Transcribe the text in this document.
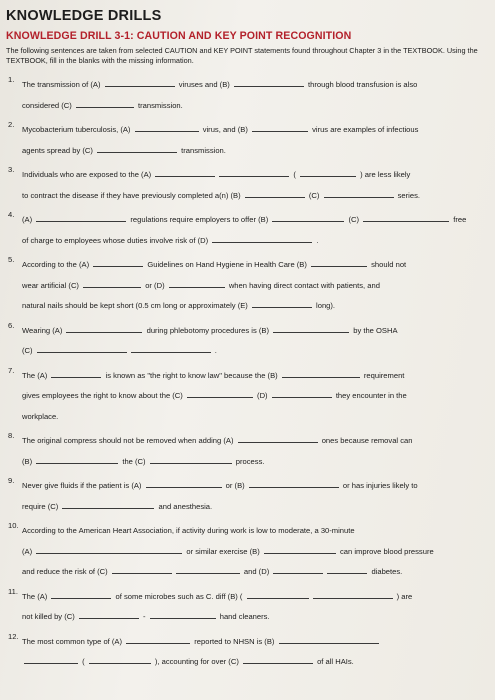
KNOWLEDGE DRILLS
KNOWLEDGE DRILL 3-1: CAUTION AND KEY POINT RECOGNITION
The following sentences are taken from selected CAUTION and KEY POINT statements found throughout Chapter 3 in the TEXTBOOK. Using the TEXTBOOK, fill in the blanks with the missing information.
1.
The transmission of (A)	viruses and (B)	through blood transfusion is also
considered (C)	transmission.
2.
Mycobacterium tuberculosis, (A)	virus, and (B)	virus are examples of infectious
agents spread by (C)	transmission.
3.
Individuals who are exposed to the (A)	(	) are less likely
to contract the disease if they have previously completed a(n) (B)	(C)	series.
4.
(A)	regulations require employers to offer (B)	(C)	free
of charge to employees whose duties involve risk of (D)	.
5.
According to the (A)	Guidelines on Hand Hygiene in Health Care (B)	should not
wear artificial (C)	or (D)	when having direct contact with patients, and
natural nails should be kept short (0.5 cm long or approximately (E)	long).
6.
Wearing (A)	during phlebotomy procedures is (B)	by the OSHA
(C)	.
7.
The (A)	is known as "the right to know law" because the (B)	requirement
gives employees the right to know about the (C)	(D)	they encounter in the
workplace.
8.
The original compress should not be removed when adding (A)	ones because removal can
(B)	the (C)	process.
9.
Never give fluids if the patient is (A)	or (B)	or has injuries likely to
require (C)	and anesthesia.
10.
According to the American Heart Association, if activity during work is low to moderate, a 30-minute
(A)	or similar exercise (B)	can improve blood pressure
and reduce the risk of (C)	and (D)	diabetes.
11.
The (A)	of some microbes such as C. diff (B) (	) are
not killed by (C)	-	hand cleaners.
12.
The most common type of (A)	reported to NHSN is (B)
(	), accounting for over (C)	of all HAIs.
